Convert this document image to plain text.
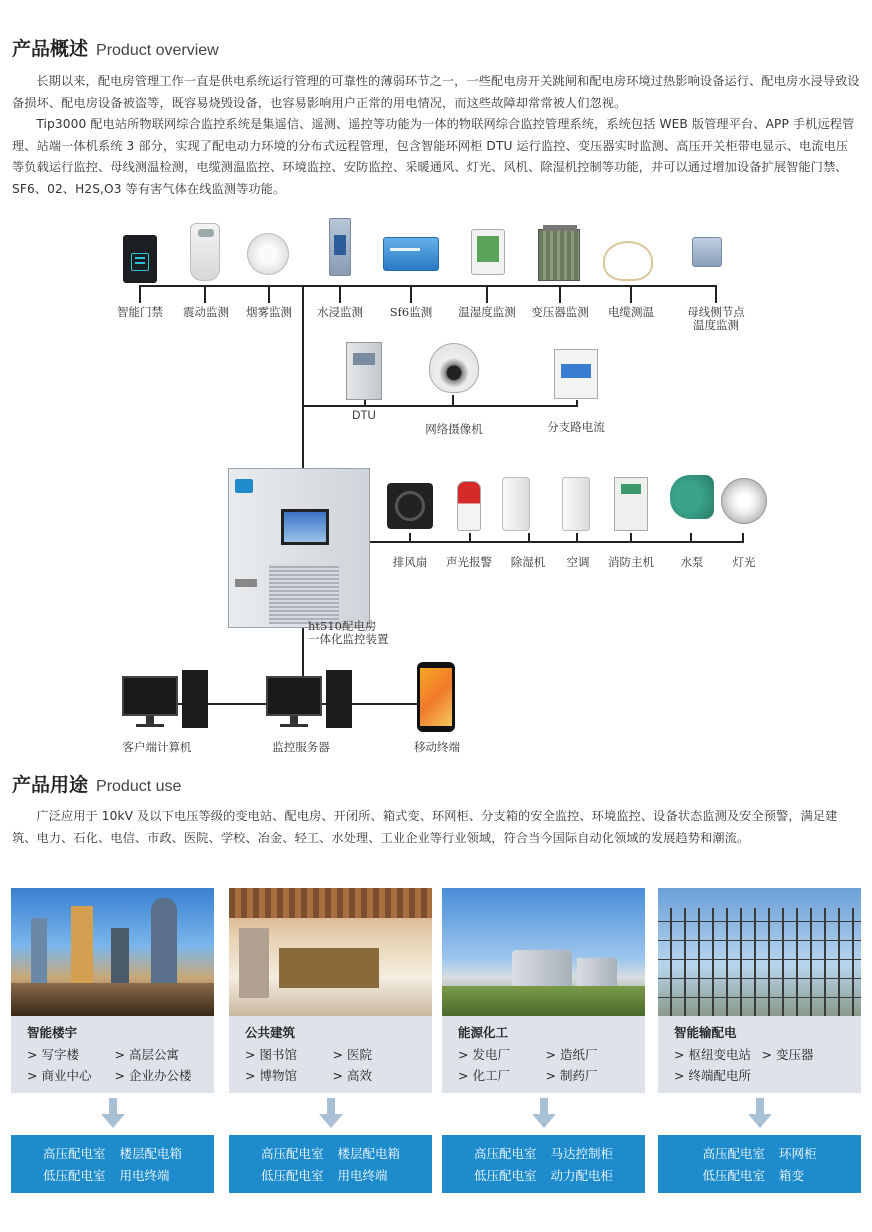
产品概述 Product overview

长期以来，配电房管理工作一直是供电系统运行管理的可靠性的薄弱环节之一，一些配电房开关跳闸和配电房环境过热影响设备运行、配电房水浸导致设备损坏、配电房设备被盗等，既容易烧毁设备，也容易影响用户正常的用电情况，而这些故障却常常被人们忽视。

Tip3000 配电站所物联网综合监控系统是集遥信、遥测、遥控等功能为一体的物联网综合监控管理系统，系统包括 WEB 版管理平台、APP 手机远程管理、站端一体机系统 3 部分，实现了配电动力环境的分布式远程管理，包含智能环网柜 DTU 运行监控、变压器实时监测、高压开关柜带电显示、电流电压等负载运行监控、母线测温检测，电缆测温监控、环境监控、安防监控、采暖通风、灯光、风机、除湿机控制等功能，并可以通过增加设备扩展智能门禁、SF6、02、H2S,O3 等有害气体在线监测等功能。

智能门禁 震动监测 烟雾监测 水浸监测 Sf6监测 温湿度监测 变压器监测 电缆测温	母线侧节点
温度监测
DTU
网络摄像机	分支路电流
ht510配电房
一体化监控装置
排风扇 声光报警 除湿机 空调 消防主机 水泵	灯光
客户端计算机	监控服务器	移动终端
产品用途 Product use

广泛应用于 10kV 及以下电压等级的变电站、配电房、开闭所、箱式变、环网柜、分支箱的安全监控、环境监控、设备状态监测及安全预警，满足建筑、电力、石化、电信、市政、医院、学校、冶金、轻工、水处理、工业企业等行业领域，符合当今国际自动化领域的发展趋势和潮流。

智能楼宇
> 写字楼	> 高层公寓
> 商业中心	> 企业办公楼
公共建筑
> 图书馆	> 医院
> 博物馆	> 高效
能源化工
> 发电厂	> 造纸厂
> 化工厂	> 制药厂
智能输配电
> 枢纽变电站 > 变压器
> 终端配电所
高压配电室 楼层配电箱
低压配电室 用电终端
高压配电室 楼层配电箱
低压配电室 用电终端
高压配电室 马达控制柜
低压配电室 动力配电柜
高压配电室 环网柜
低压配电室 箱变
